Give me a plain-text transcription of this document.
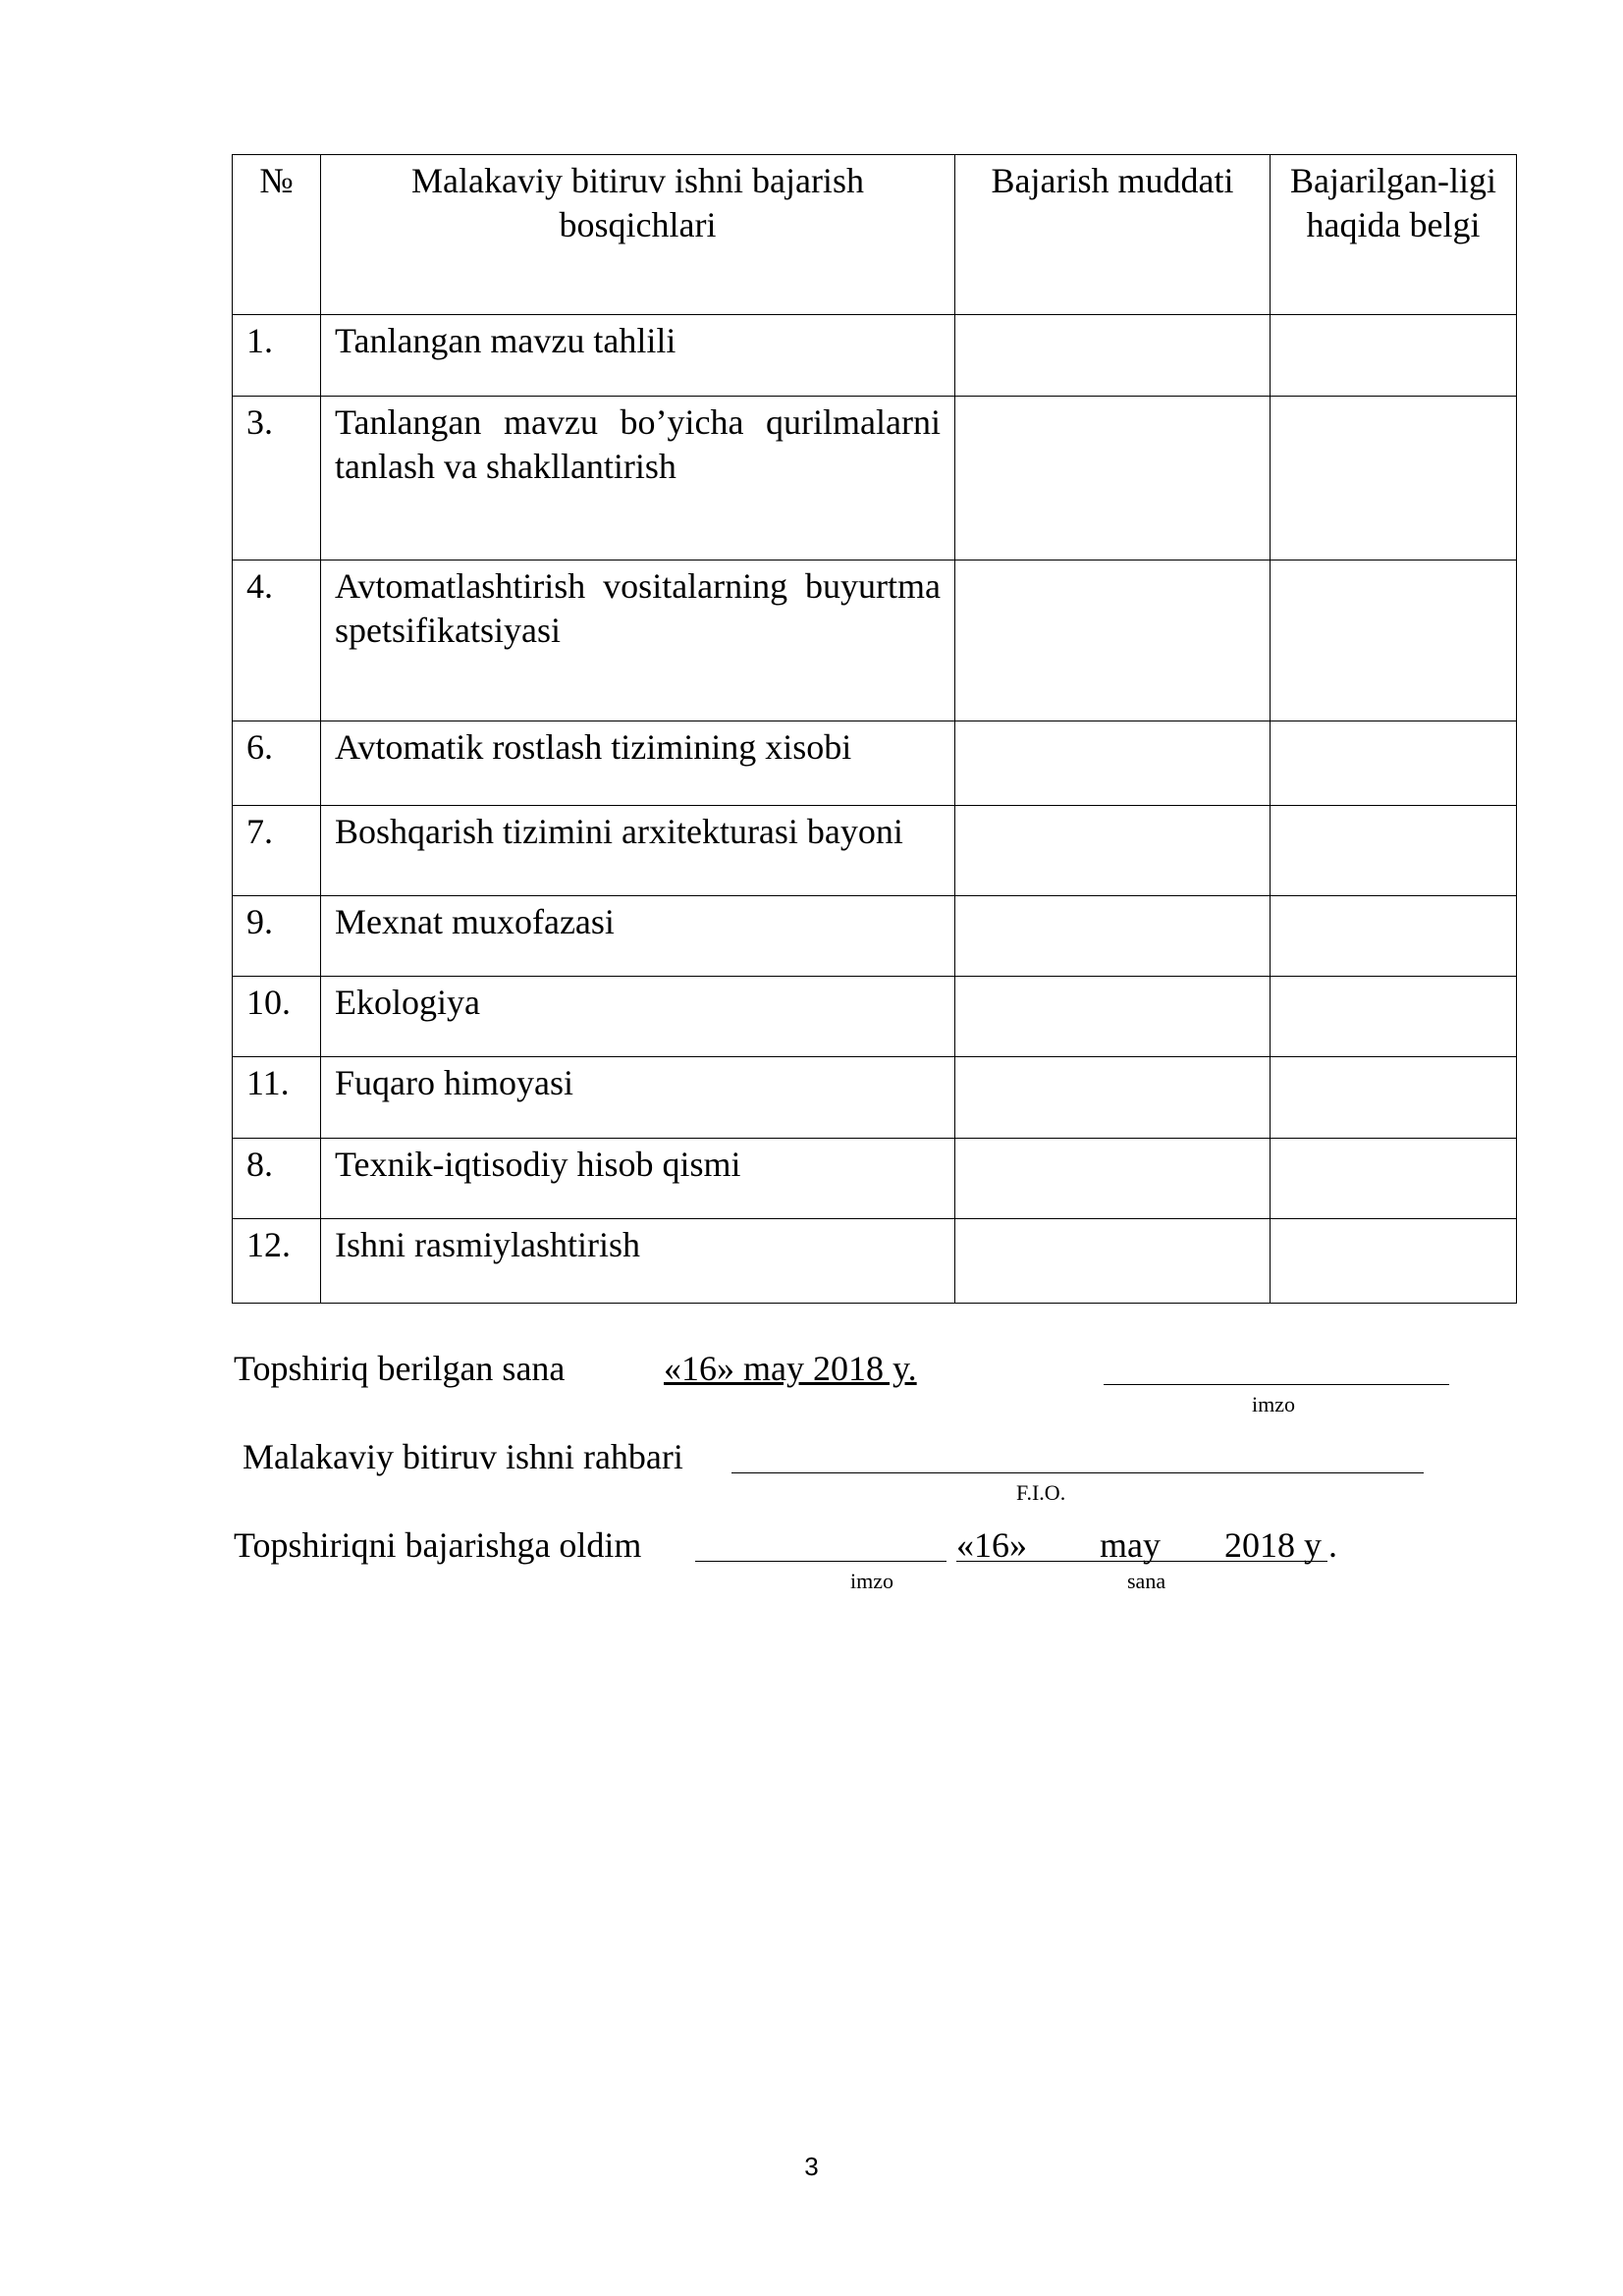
№	Malakaviy bitiruv ishni bajarish bosqichlari	Bajarish muddati	Bajarilgan-ligi haqida belgi
1.	Tanlangan mavzu tahlili		
3.	Tanlangan mavzu bo’yicha qurilmalarni tanlash va shakllantirish		
4.	Avtomatlashtirish vositalarning buyurtma spetsifikatsiyasi		
6.	Avtomatik rostlash tizimining xisobi		
7.	Boshqarish tizimini arxitekturasi bayoni		
9.	Mexnat muxofazasi		
10.	Ekologiya		
11.	Fuqaro himoyasi		
8.	Texnik-iqtisodiy hisob qismi		
12.	Ishni rasmiylashtirish		
Topshiriq berilgan sana	«16» may 2018 y.
imzo
Malakaviy bitiruv ishni rahbari
F.I.O.
Topshiriqni bajarishga oldim	«16» may 2018 y .
imzo	sana
3
